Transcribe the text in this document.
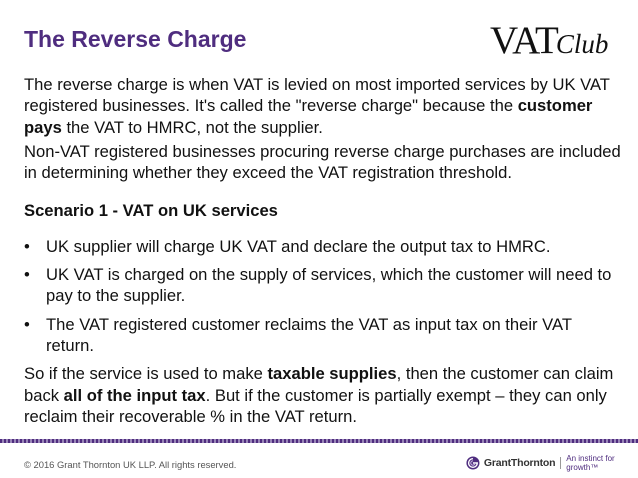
The Reverse Charge	VATClub

The reverse charge is when VAT is levied on most imported services by UK VAT registered businesses. It's called the "reverse charge" because the customer pays the VAT to HMRC, not the supplier.

Non-VAT registered businesses procuring reverse charge purchases are included in determining whether they exceed the VAT registration threshold.

Scenario 1 - VAT on UK services

• UK supplier will charge UK VAT and declare the output tax to HMRC.
• UK VAT is charged on the supply of services, which the customer will need to pay to the supplier.
• The VAT registered customer reclaims the VAT as input tax on their VAT return.

So if the service is used to make taxable supplies, then the customer can claim back all of the input tax. But if the customer is partially exempt – they can only reclaim their recoverable % in the VAT return.

© 2016 Grant Thornton UK LLP. All rights reserved.	GrantThornton An instinct for growth™
